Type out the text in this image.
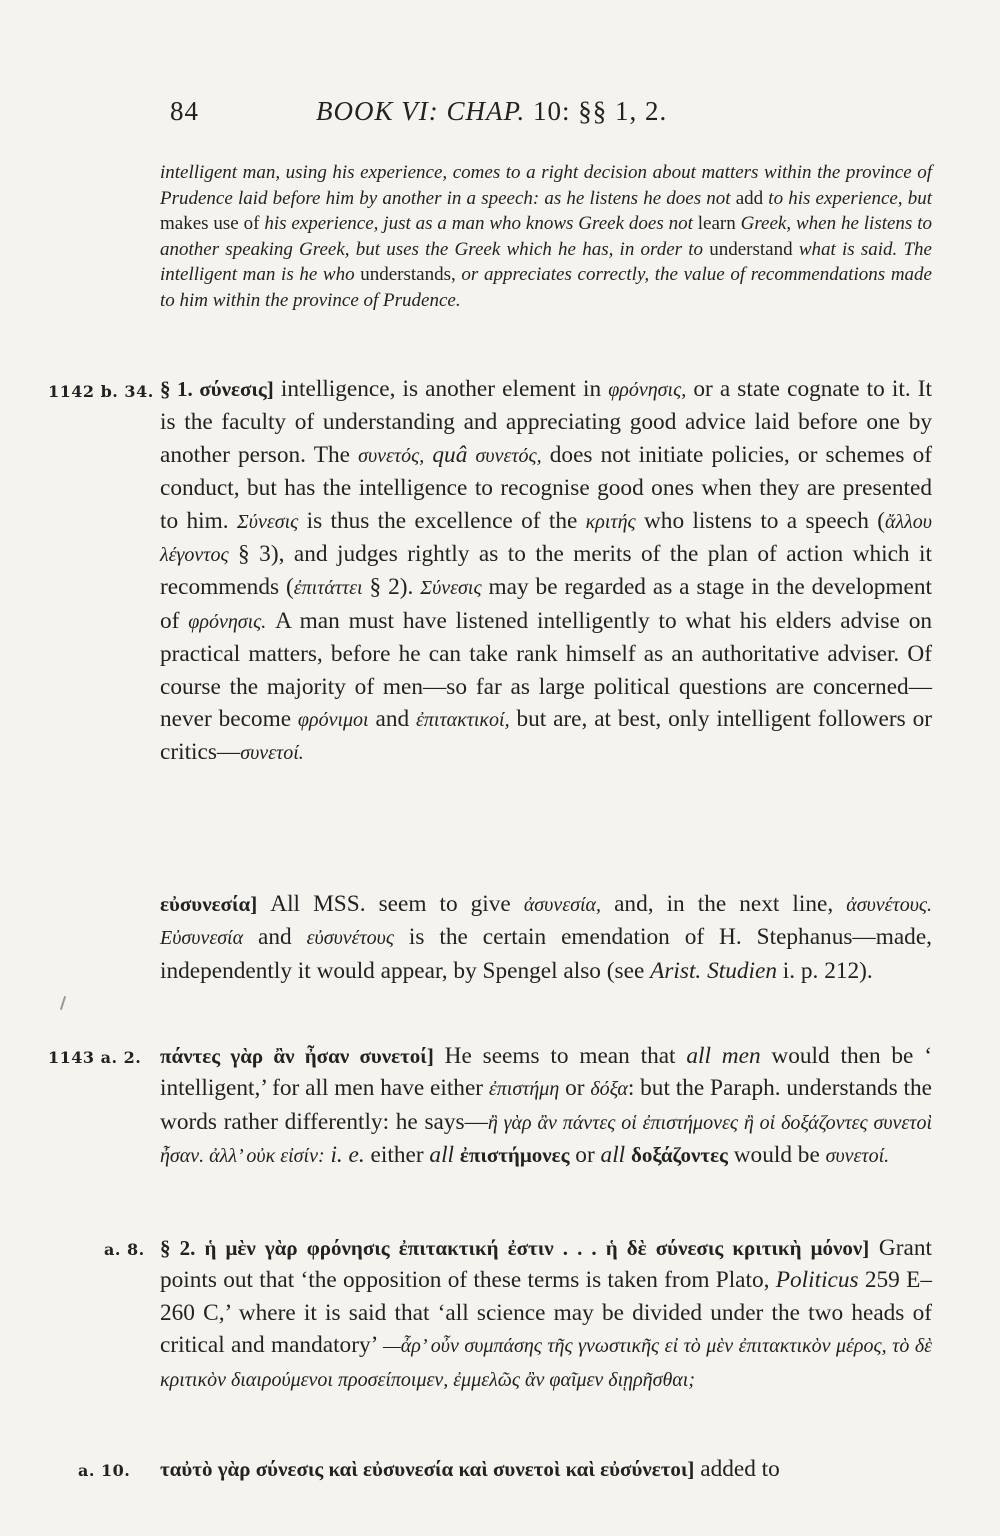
84	BOOK VI: CHAP. 10: §§ 1, 2.
intelligent man, using his experience, comes to a right decision about matters within the province of Prudence laid before him by another in a speech: as he listens he does not add to his experience, but makes use of his experience, just as a man who knows Greek does not learn Greek, when he listens to another speaking Greek, but uses the Greek which he has, in order to understand what is said. The intelligent man is he who understands, or appreciates correctly, the value of recommendations made to him within the province of Prudence.
1142 b. 34. § 1. σύνεσις] intelligence, is another element in φρόνησις, or a state cognate to it. It is the faculty of understanding and appreciating good advice laid before one by another person. The συνετός, quâ συνετός, does not initiate policies, or schemes of conduct, but has the intelligence to recognise good ones when they are presented to him. Σύνεσις is thus the excellence of the κριτής who listens to a speech (ἄλλου λέγοντος § 3), and judges rightly as to the merits of the plan of action which it recommends (ἐπιτάττει § 2). Σύνεσις may be regarded as a stage in the development of φρόνησις. A man must have listened intelligently to what his elders advise on practical matters, before he can take rank himself as an authoritative adviser. Of course the majority of men—so far as large political questions are concerned—never become φρόνιμοι and ἐπιτακτικοί, but are, at best, only intelligent followers or critics—συνετοί.
εὐσυνεσία] All MSS. seem to give ἀσυνεσία, and, in the next line, ἀσυνέτους. Εὐσυνεσία and εὐσυνέτους is the certain emendation of H. Stephanus—made, independently it would appear, by Spengel also (see Arist. Studien i. p. 212).
1143 a. 2. πάντες γὰρ ἂν ἦσαν συνετοί] He seems to mean that all men would then be ‘ intelligent,’ for all men have either ἐπιστήμη or δόξα: but the Paraph. understands the words rather differently: he says—ἢ γὰρ ἂν πάντες οἱ ἐπιστήμονες ἢ οἱ δοξάζοντες συνετοὶ ἦσαν. ἀλλ’ οὐκ εἰσίν: i. e. either all ἐπιστήμονες or all δοξάζοντες would be συνετοί.
a. 8. § 2. ἡ μὲν γὰρ φρόνησις ἐπιτακτική ἐστιν . . . ἡ δὲ σύνεσις κριτικὴ μόνον] Grant points out that ‘the opposition of these terms is taken from Plato, Politicus 259 E–260 C,’ where it is said that ‘all science may be divided under the two heads of critical and mandatory’ —ἆρ’ οὖν συμπάσης τῆς γνωστικῆς εἰ τὸ μὲν ἐπιτακτικὸν μέρος, τὸ δὲ κριτικὸν διαιρούμενοι προσείποιμεν, ἐμμελῶς ἂν φαῖμεν διῃρῆσθαι;
a. 10. ταὐτὸ γὰρ σύνεσις καὶ εὐσυνεσία καὶ συνετοὶ καὶ εὐσύνετοι] added to
